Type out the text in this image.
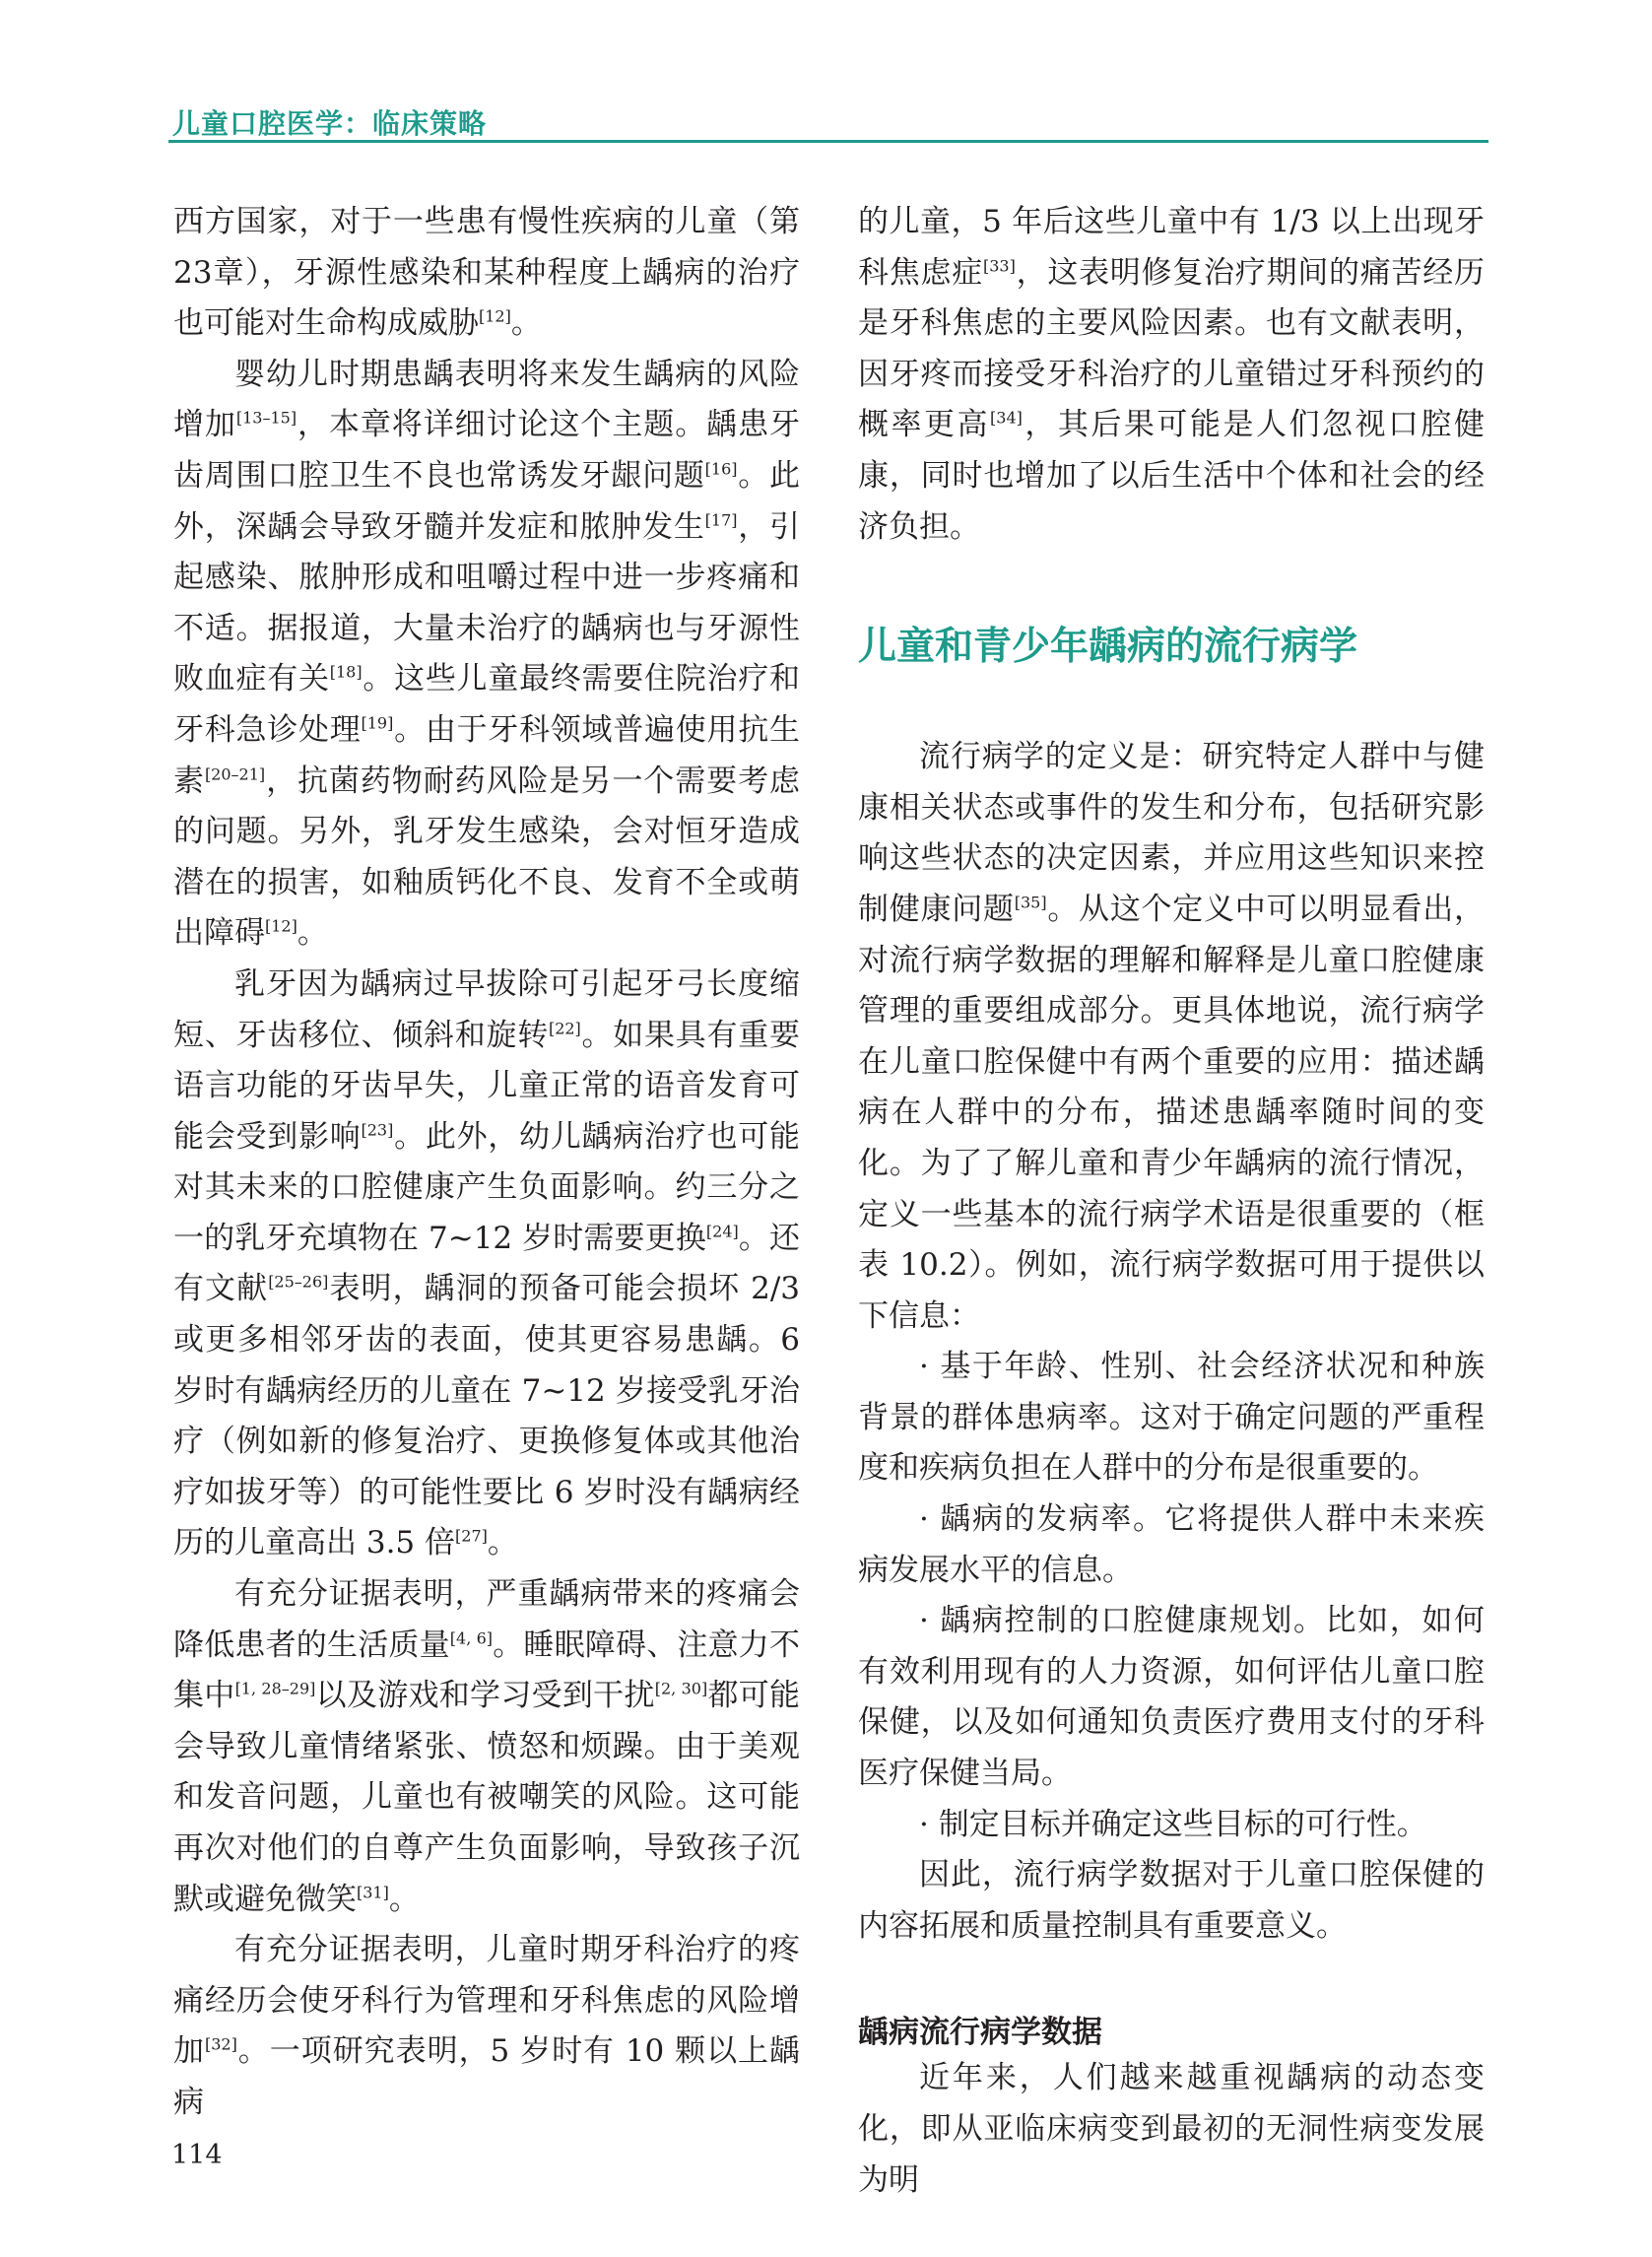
儿童口腔医学：临床策略

西方国家，对于一些患有慢性疾病的儿童（第23章），牙源性感染和某种程度上龋病的治疗也可能对生命构成威胁[12]。

婴幼儿时期患龋表明将来发生龋病的风险增加[13–15]，本章将详细讨论这个主题。龋患牙齿周围口腔卫生不良也常诱发牙龈问题[16]。此外，深龋会导致牙髓并发症和脓肿发生[17]，引起感染、脓肿形成和咀嚼过程中进一步疼痛和不适。据报道，大量未治疗的龋病也与牙源性败血症有关[18]。这些儿童最终需要住院治疗和牙科急诊处理[19]。由于牙科领域普遍使用抗生素[20–21]，抗菌药物耐药风险是另一个需要考虑的问题。另外，乳牙发生感染，会对恒牙造成潜在的损害，如釉质钙化不良、发育不全或萌出障碍[12]。

乳牙因为龋病过早拔除可引起牙弓长度缩短、牙齿移位、倾斜和旋转[22]。如果具有重要语言功能的牙齿早失，儿童正常的语音发育可能会受到影响[23]。此外，幼儿龋病治疗也可能对其未来的口腔健康产生负面影响。约三分之一的乳牙充填物在 7~12 岁时需要更换[24]。还有文献[25–26]表明，龋洞的预备可能会损坏 2/3 或更多相邻牙齿的表面，使其更容易患龋。6 岁时有龋病经历的儿童在 7~12 岁接受乳牙治疗（例如新的修复治疗、更换修复体或其他治疗如拔牙等）的可能性要比 6 岁时没有龋病经历的儿童高出 3.5 倍[27]。

有充分证据表明，严重龋病带来的疼痛会降低患者的生活质量[4, 6]。睡眠障碍、注意力不集中[1, 28–29]以及游戏和学习受到干扰[2, 30]都可能会导致儿童情绪紧张、愤怒和烦躁。由于美观和发音问题，儿童也有被嘲笑的风险。这可能再次对他们的自尊产生负面影响，导致孩子沉默或避免微笑[31]。

有充分证据表明，儿童时期牙科治疗的疼痛经历会使牙科行为管理和牙科焦虑的风险增加[32]。一项研究表明，5 岁时有 10 颗以上龋病

的儿童，5 年后这些儿童中有 1/3 以上出现牙科焦虑症[33]，这表明修复治疗期间的痛苦经历是牙科焦虑的主要风险因素。也有文献表明，因牙疼而接受牙科治疗的儿童错过牙科预约的概率更高[34]，其后果可能是人们忽视口腔健康，同时也增加了以后生活中个体和社会的经济负担。

儿童和青少年龋病的流行病学

流行病学的定义是：研究特定人群中与健康相关状态或事件的发生和分布，包括研究影响这些状态的决定因素，并应用这些知识来控制健康问题[35]。从这个定义中可以明显看出，对流行病学数据的理解和解释是儿童口腔健康管理的重要组成部分。更具体地说，流行病学在儿童口腔保健中有两个重要的应用：描述龋病在人群中的分布，描述患龋率随时间的变化。为了了解儿童和青少年龋病的流行情况，定义一些基本的流行病学术语是很重要的（框表 10.2）。例如，流行病学数据可用于提供以下信息：

· 基于年龄、性别、社会经济状况和种族背景的群体患病率。这对于确定问题的严重程度和疾病负担在人群中的分布是很重要的。

· 龋病的发病率。它将提供人群中未来疾病发展水平的信息。

· 龋病控制的口腔健康规划。比如，如何有效利用现有的人力资源，如何评估儿童口腔保健，以及如何通知负责医疗费用支付的牙科医疗保健当局。

· 制定目标并确定这些目标的可行性。

因此，流行病学数据对于儿童口腔保健的内容拓展和质量控制具有重要意义。

龋病流行病学数据

近年来，人们越来越重视龋病的动态变化，即从亚临床病变到最初的无洞性病变发展为明

114
